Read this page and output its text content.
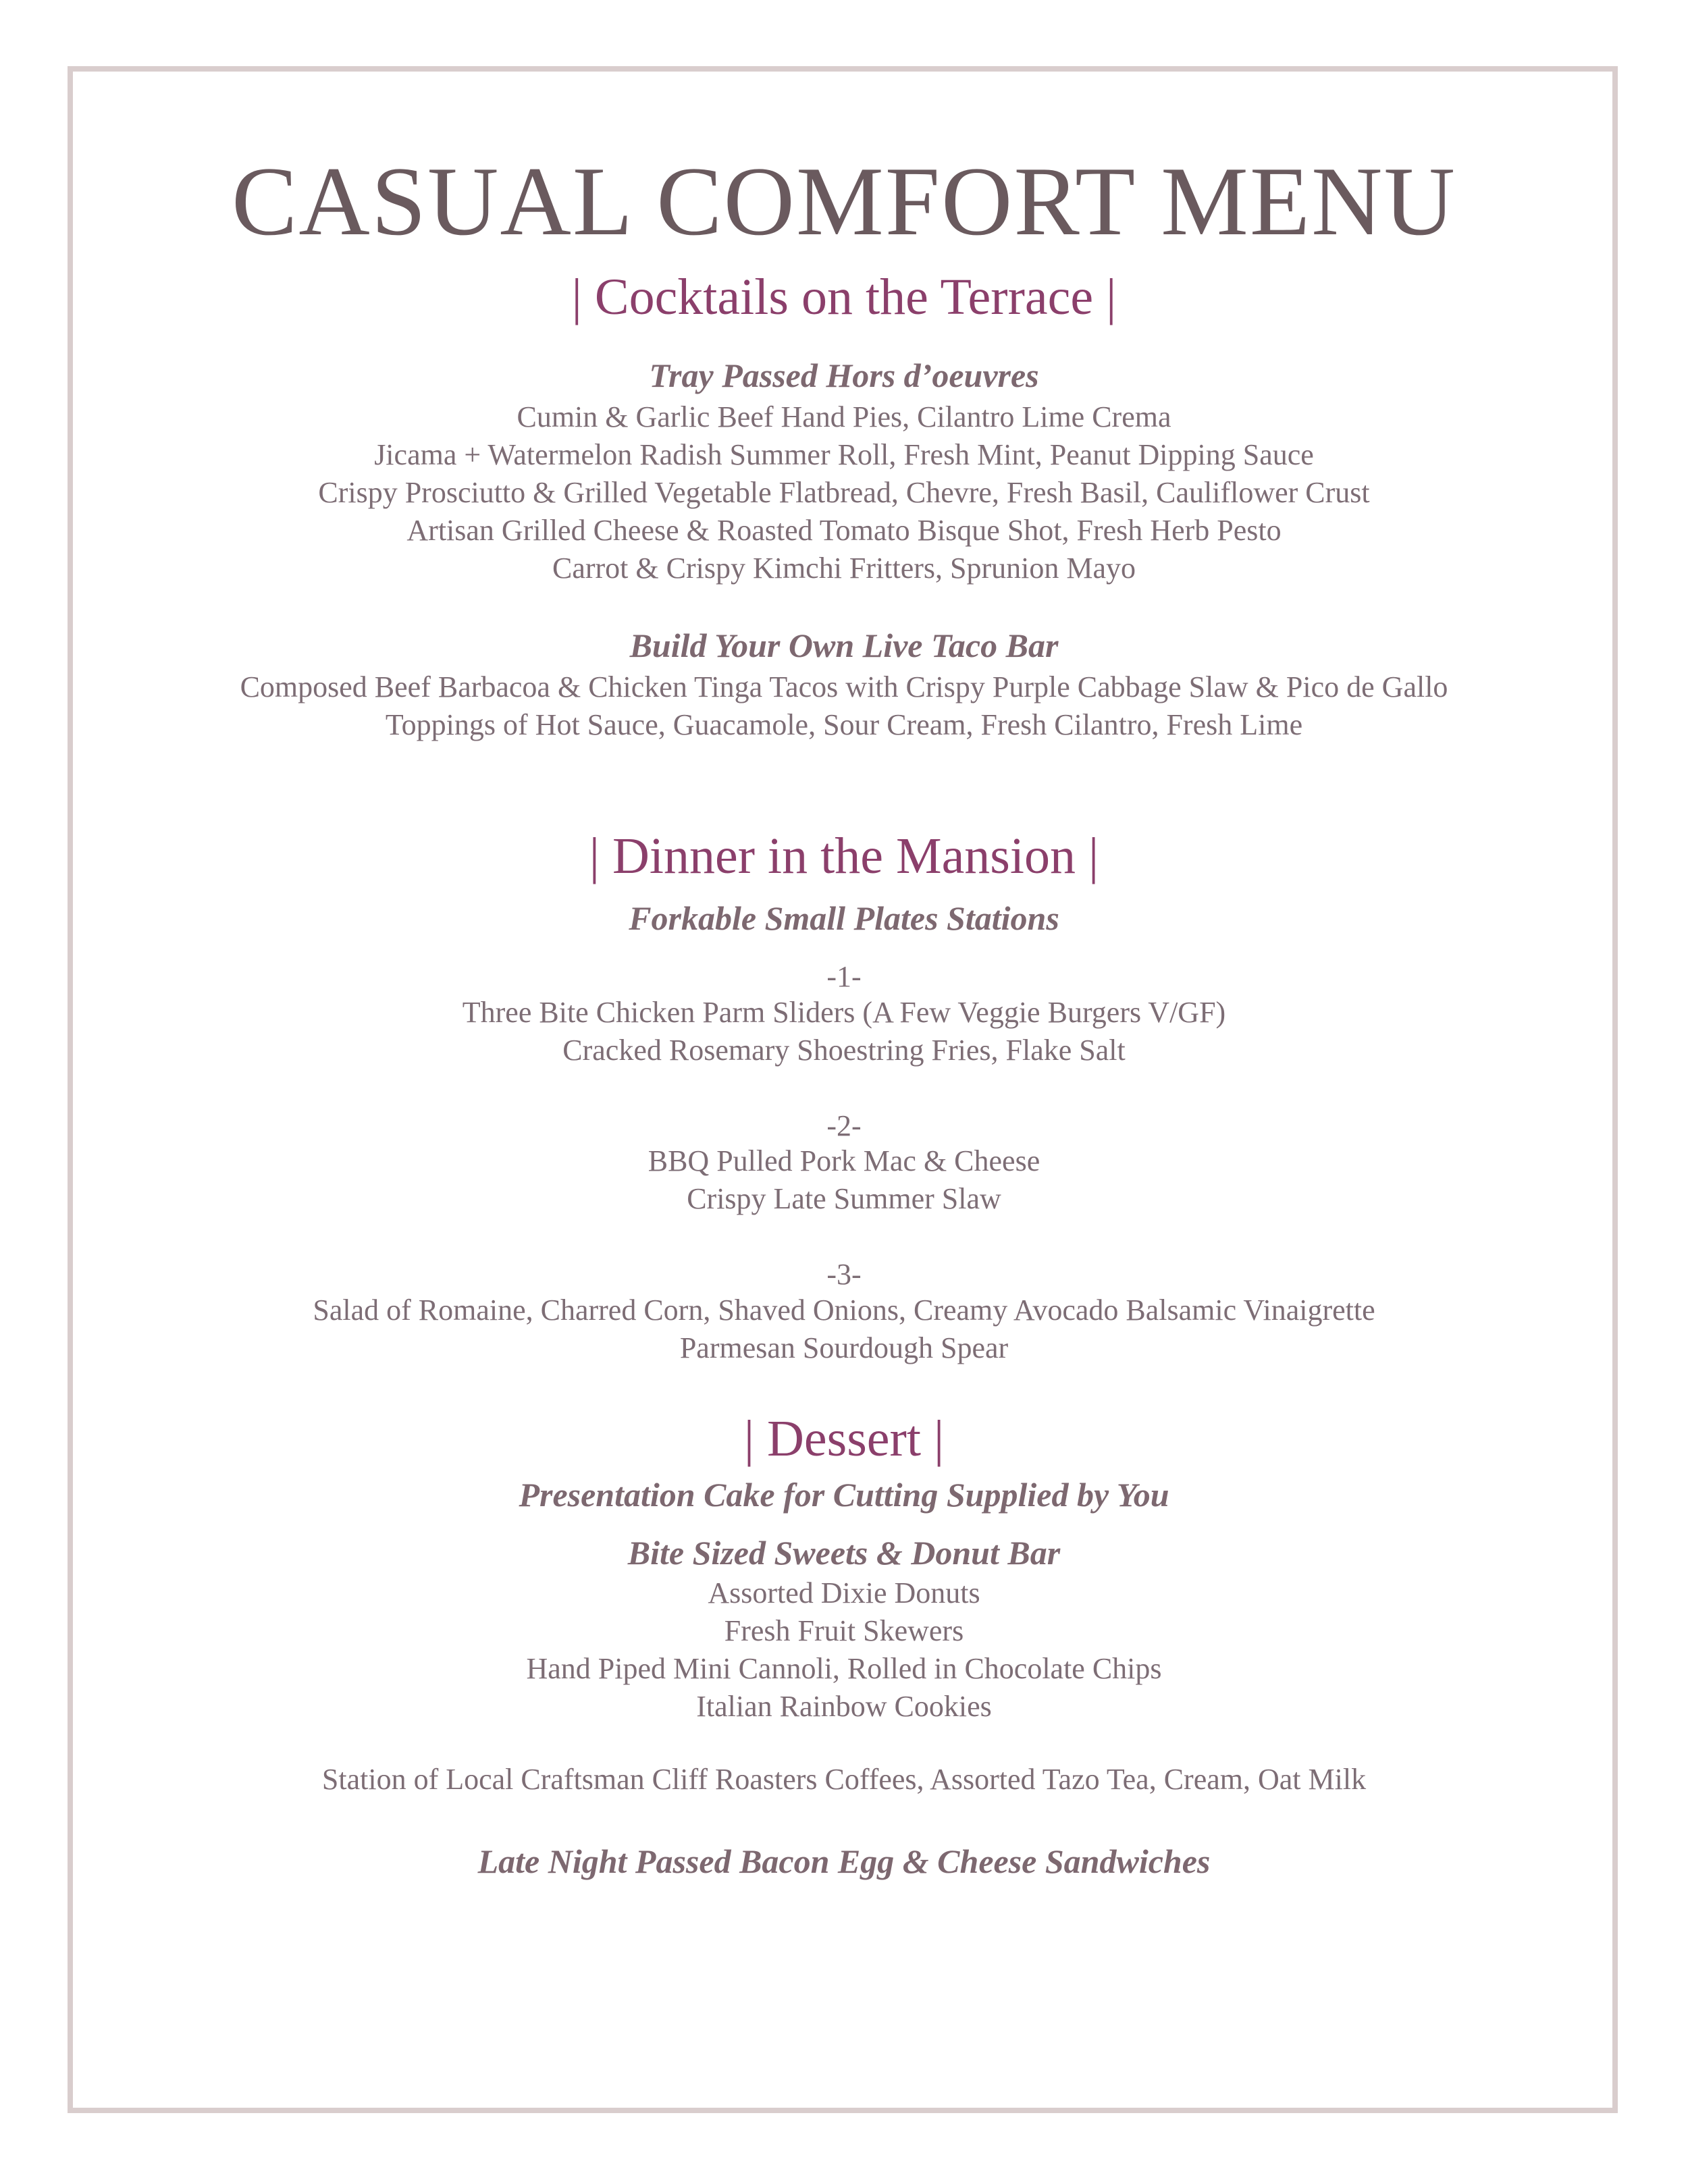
CASUAL COMFORT MENU
| Cocktails on the Terrace |
Tray Passed Hors d’oeuvres
Cumin & Garlic Beef Hand Pies, Cilantro Lime Crema
Jicama + Watermelon Radish Summer Roll, Fresh Mint, Peanut Dipping Sauce
Crispy Prosciutto & Grilled Vegetable Flatbread, Chevre, Fresh Basil, Cauliflower Crust
Artisan Grilled Cheese & Roasted Tomato Bisque Shot, Fresh Herb Pesto
Carrot & Crispy Kimchi Fritters, Sprunion Mayo
Build Your Own Live Taco Bar
Composed Beef Barbacoa & Chicken Tinga Tacos with Crispy Purple Cabbage Slaw & Pico de Gallo
Toppings of Hot Sauce, Guacamole, Sour Cream, Fresh Cilantro, Fresh Lime
| Dinner in the Mansion |
Forkable Small Plates Stations
-1-
Three Bite Chicken Parm Sliders (A Few Veggie Burgers V/GF)
Cracked Rosemary Shoestring Fries, Flake Salt
-2-
BBQ Pulled Pork Mac & Cheese
Crispy Late Summer Slaw
-3-
Salad of Romaine, Charred Corn, Shaved Onions, Creamy Avocado Balsamic Vinaigrette
Parmesan Sourdough Spear
| Dessert |
Presentation Cake for Cutting Supplied by You
Bite Sized Sweets & Donut Bar
Assorted Dixie Donuts
Fresh Fruit Skewers
Hand Piped Mini Cannoli, Rolled in Chocolate Chips
Italian Rainbow Cookies
Station of Local Craftsman Cliff Roasters Coffees, Assorted Tazo Tea, Cream, Oat Milk
Late Night Passed Bacon Egg & Cheese Sandwiches
